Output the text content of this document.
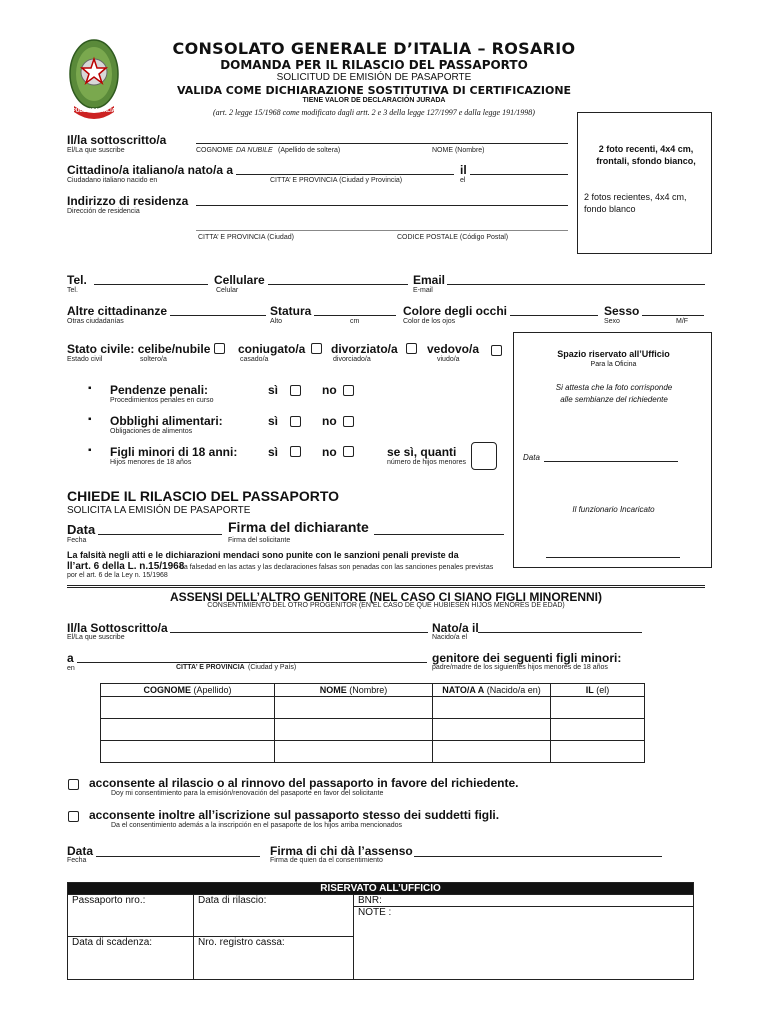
REPUBBLICA ITALIANA
CONSOLATO GENERALE D’ITALIA – ROSARIO
DOMANDA PER IL RILASCIO DEL PASSAPORTO
SOLICITUD DE EMISIÓN DE PASAPORTE
VALIDA COME DICHIARAZIONE SOSTITUTIVA DI CERTIFICAZIONE
TIENE VALOR DE DECLARACIÓN JURADA
(art. 2 legge 15/1968 come modificato dagli artt. 2 e 3 della legge 127/1997 e dalla legge 191/1998)
2 foto recenti, 4x4 cm, frontali, sfondo bianco,
2 fotos recientes, 4x4 cm, fondo blanco
Il/la sottoscritto/a
El/La que suscribe	COGNOME DA NUBILE (Apellido de soltera)	NOME (Nombre)
Cittadino/a italiano/a nato/a a	il
Ciudadano italiano nacido en	CITTA’ E PROVINCIA (Ciudad y Provincia)	el
Indirizzo di residenza
Dirección de residencia
CITTA’ E PROVINCIA (Ciudad)	CODICE POSTALE (Código Postal)
Tel.
Tel.
Cellulare
Celular
Email
E-mail
Altre cittadinanze
Otras ciudadanías
Statura
Alto	cm
Colore degli occhi
Color de los ojos
Sesso
Sexo	M/F
Stato civile: celibe/nubile
Estado civil	soltero/a
coniugato/a
casado/a
divorziato/a
divorciado/a
vedovo/a
viudo/a
▪ Pendenze penali:
Procedimientos penales en curso
sì	no
▪ Obblighi alimentari:
Obligaciones de alimentos
sì	no
▪ Figli minori di 18 anni:
Hijos menores de 18 años
sì	no	se sì, quanti
número de hijos menores
Spazio riservato all’Ufficio
Para la Oficina
Si attesta che la foto corrisponde alle sembianze del richiedente
Data
Il funzionario Incaricato
CHIEDE IL RILASCIO DEL PASSAPORTO
SOLICITA LA EMISIÓN DE PASAPORTE
Data
Fecha
Firma del dichiarante
Firma del solicitante
La falsità negli atti e le dichiarazioni mendaci sono punite con le sanzioni penali previste da
ll’art. 6 della L. n.15/1968
La falsedad en las actas y las declaraciones falsas son penadas con las sanciones penales previstas
por el art. 6 de la Ley n. 15/1968
ASSENSI DELL’ALTRO GENITORE (NEL CASO CI SIANO FIGLI MINORENNI)
CONSENTIMIENTO DEL OTRO PROGENITOR (EN EL CASO DE QUE HUBIESEN HIJOS MENORES DE EDAD)
Il/la Sottoscritto/a
El/La que suscribe
Nato/a il
Nacido/a el
a
en	CITTA’ E PROVINCIA (Ciudad y País)
genitore dei seguenti figli minori:
padre/madre de los siguientes hijos menores de 18 años
COGNOME (Apellido)	NOME (Nombre)	NATO/A A (Nacido/a en)	IL (el)

acconsente al rilascio o al rinnovo del passaporto in favore del richiedente.
Doy mi consentimiento para la emisión/renovación del pasaporte en favor del solicitante
acconsente inoltre all’iscrizione sul passaporto stesso dei suddetti figli.
Da el consentimiento además a la inscripción en el pasaporte de los hijos arriba mencionados
Data
Fecha
Firma di chi dà l’assenso
Firma de quien da el consentimiento
RISERVATO ALL’UFFICIO		
Passaporto nro.:	Data di rilascio:	BNR:
		NOTE :
Data di scadenza:	Nro. registro cassa:	
